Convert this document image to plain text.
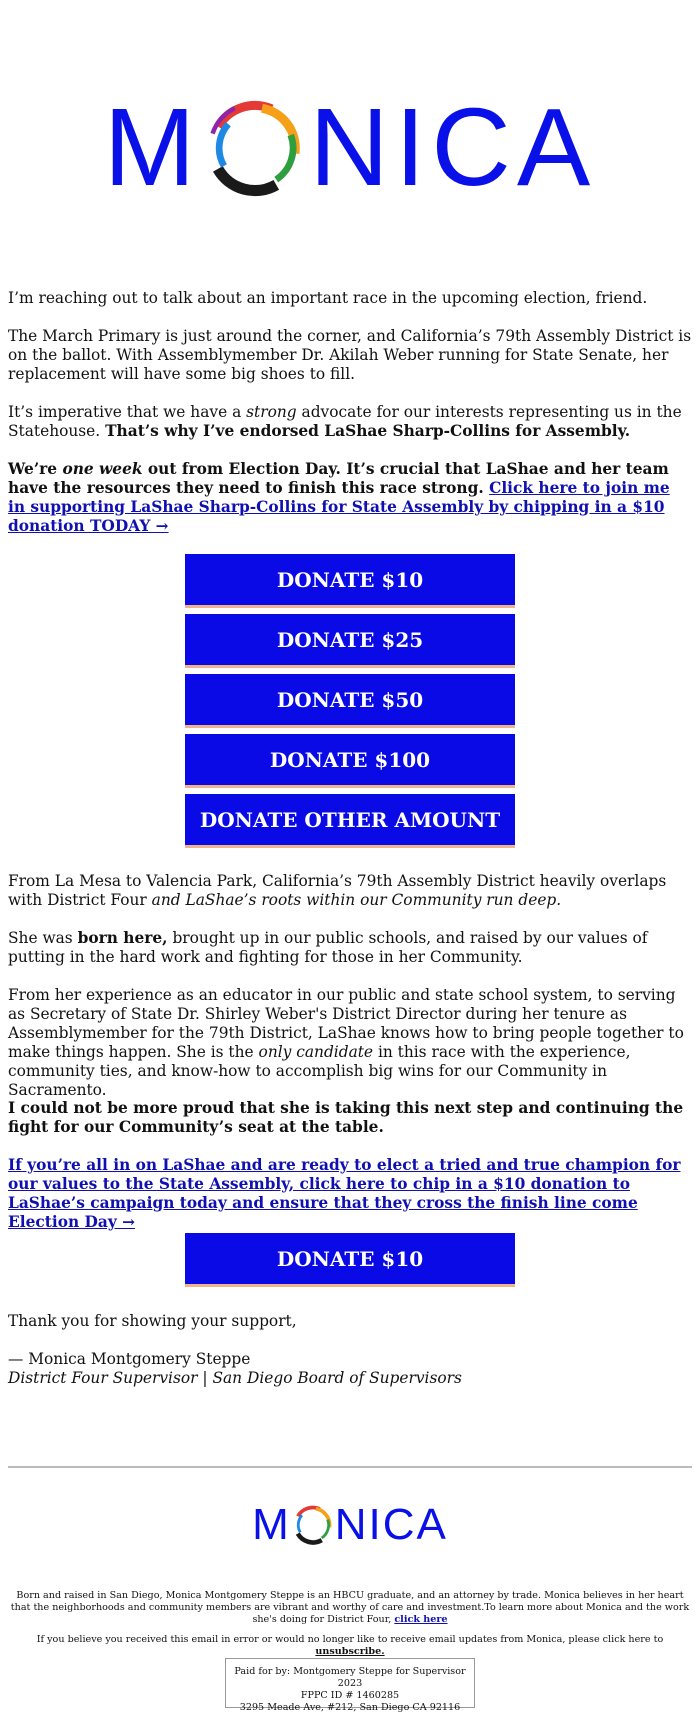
M NICA

I’m reaching out to talk about an important race in the upcoming election, friend.

The March Primary is just around the corner, and California’s 79th Assembly District is on the ballot. With Assemblymember Dr. Akilah Weber running for State Senate, her replacement will have some big shoes to fill.

It’s imperative that we have a strong advocate for our interests representing us in the Statehouse. That’s why I’ve endorsed LaShae Sharp-Collins for Assembly.

We’re one week out from Election Day. It’s crucial that LaShae and her team have the resources they need to finish this race strong. Click here to join me in supporting LaShae Sharp-Collins for State Assembly by chipping in a $10 donation TODAY →

DONATE $10
DONATE $25
DONATE $50
DONATE $100
DONATE OTHER AMOUNT

From La Mesa to Valencia Park, California’s 79th Assembly District heavily overlaps with District Four and LaShae’s roots within our Community run deep.

She was born here, brought up in our public schools, and raised by our values of putting in the hard work and fighting for those in her Community.

From her experience as an educator in our public and state school system, to serving as Secretary of State Dr. Shirley Weber's District Director during her tenure as Assemblymember for the 79th District, LaShae knows how to bring people together to make things happen. She is the only candidate in this race with the experience, community ties, and know-how to accomplish big wins for our Community in Sacramento.

I could not be more proud that she is taking this next step and continuing the fight for our Community’s seat at the table.

If you’re all in on LaShae and are ready to elect a tried and true champion for our values to the State Assembly, click here to chip in a $10 donation to LaShae’s campaign today and ensure that they cross the finish line come Election Day →

DONATE $10
Thank you for showing your support,
— Monica Montgomery Steppe
District Four Supervisor | San Diego Board of Supervisors
M NICA
Born and raised in San Diego, Monica Montgomery Steppe is an HBCU graduate, and an attorney by trade. Monica believes in her heart that the neighborhoods and community members are vibrant and worthy of care and investment.To learn more about Monica and the work she's doing for District Four, click here
If you believe you received this email in error or would no longer like to receive email updates from Monica, please click here to unsubscribe.
Paid for by: Montgomery Steppe for Supervisor 2023
FPPC ID # 1460285
3295 Meade Ave, #212, San Diego CA 92116
